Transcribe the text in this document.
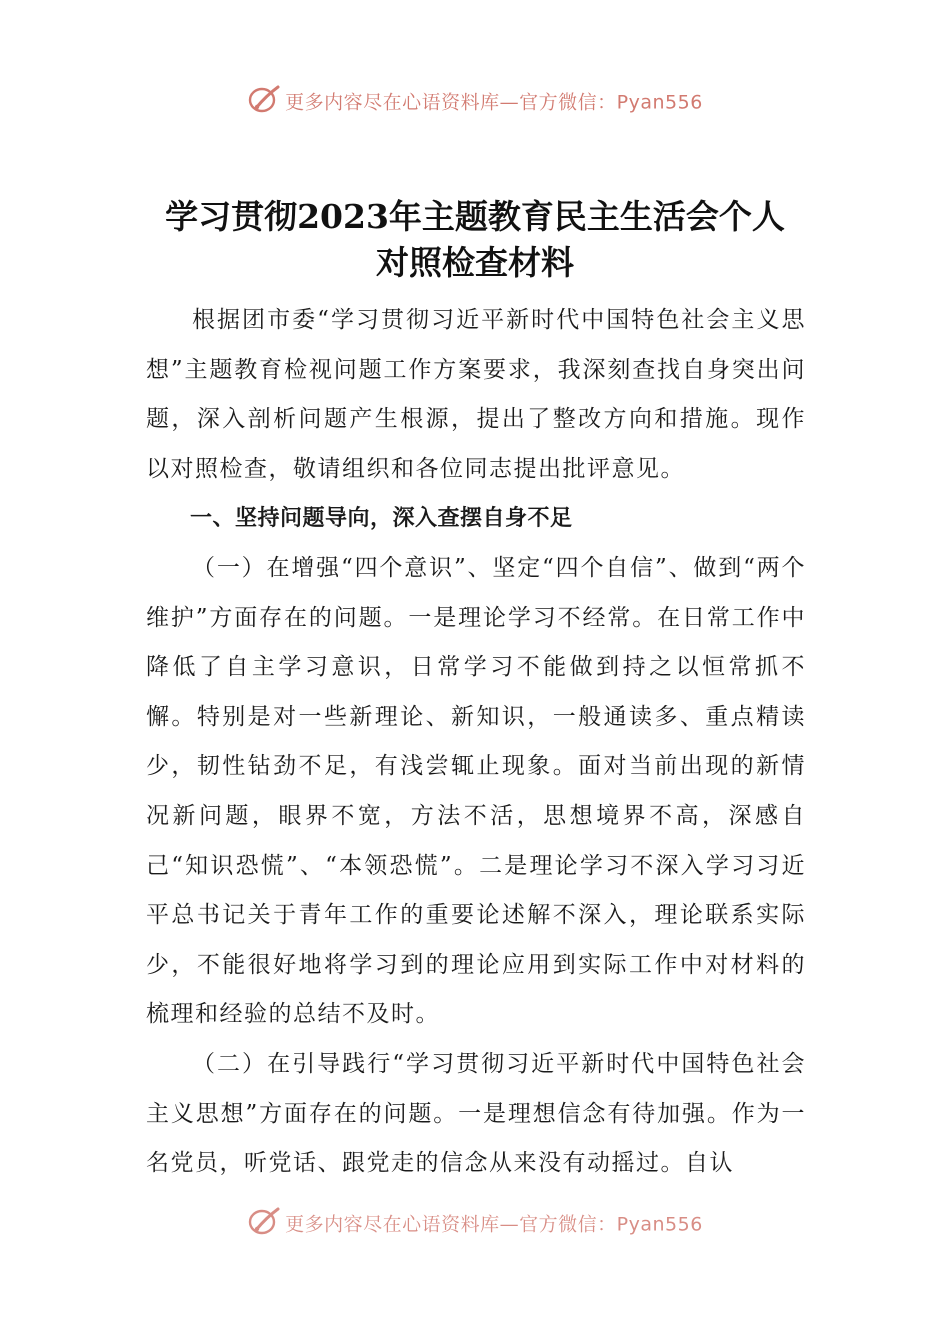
更多内容尽在心语资料库—官方微信：Pyan556
学习贯彻2023年主题教育民主生活会个人
对照检查材料

根据团市委“学习贯彻习近平新时代中国特色社会主义思想”主题教育检视问题工作方案要求，我深刻查找自身突出问题，深入剖析问题产生根源，提出了整改方向和措施。现作以对照检查，敬请组织和各位同志提出批评意见。

一、坚持问题导向，深入查摆自身不足

（一）在增强“四个意识”、坚定“四个自信”、做到“两个维护”方面存在的问题。一是理论学习不经常。在日常工作中降低了自主学习意识，日常学习不能做到持之以恒常抓不懈。特别是对一些新理论、新知识，一般通读多、重点精读少，韧性钻劲不足，有浅尝辄止现象。面对当前出现的新情况新问题，眼界不宽，方法不活，思想境界不高，深感自己“知识恐慌”、“本领恐慌”。二是理论学习不深入学习习近平总书记关于青年工作的重要论述解不深入，理论联系实际少，不能很好地将学习到的理论应用到实际工作中对材料的梳理和经验的总结不及时。

（二）在引导践行“学习贯彻习近平新时代中国特色社会主义思想”方面存在的问题。一是理想信念有待加强。作为一名党员，听党话、跟党走的信念从来没有动摇过。自认

更多内容尽在心语资料库—官方微信：Pyan556
